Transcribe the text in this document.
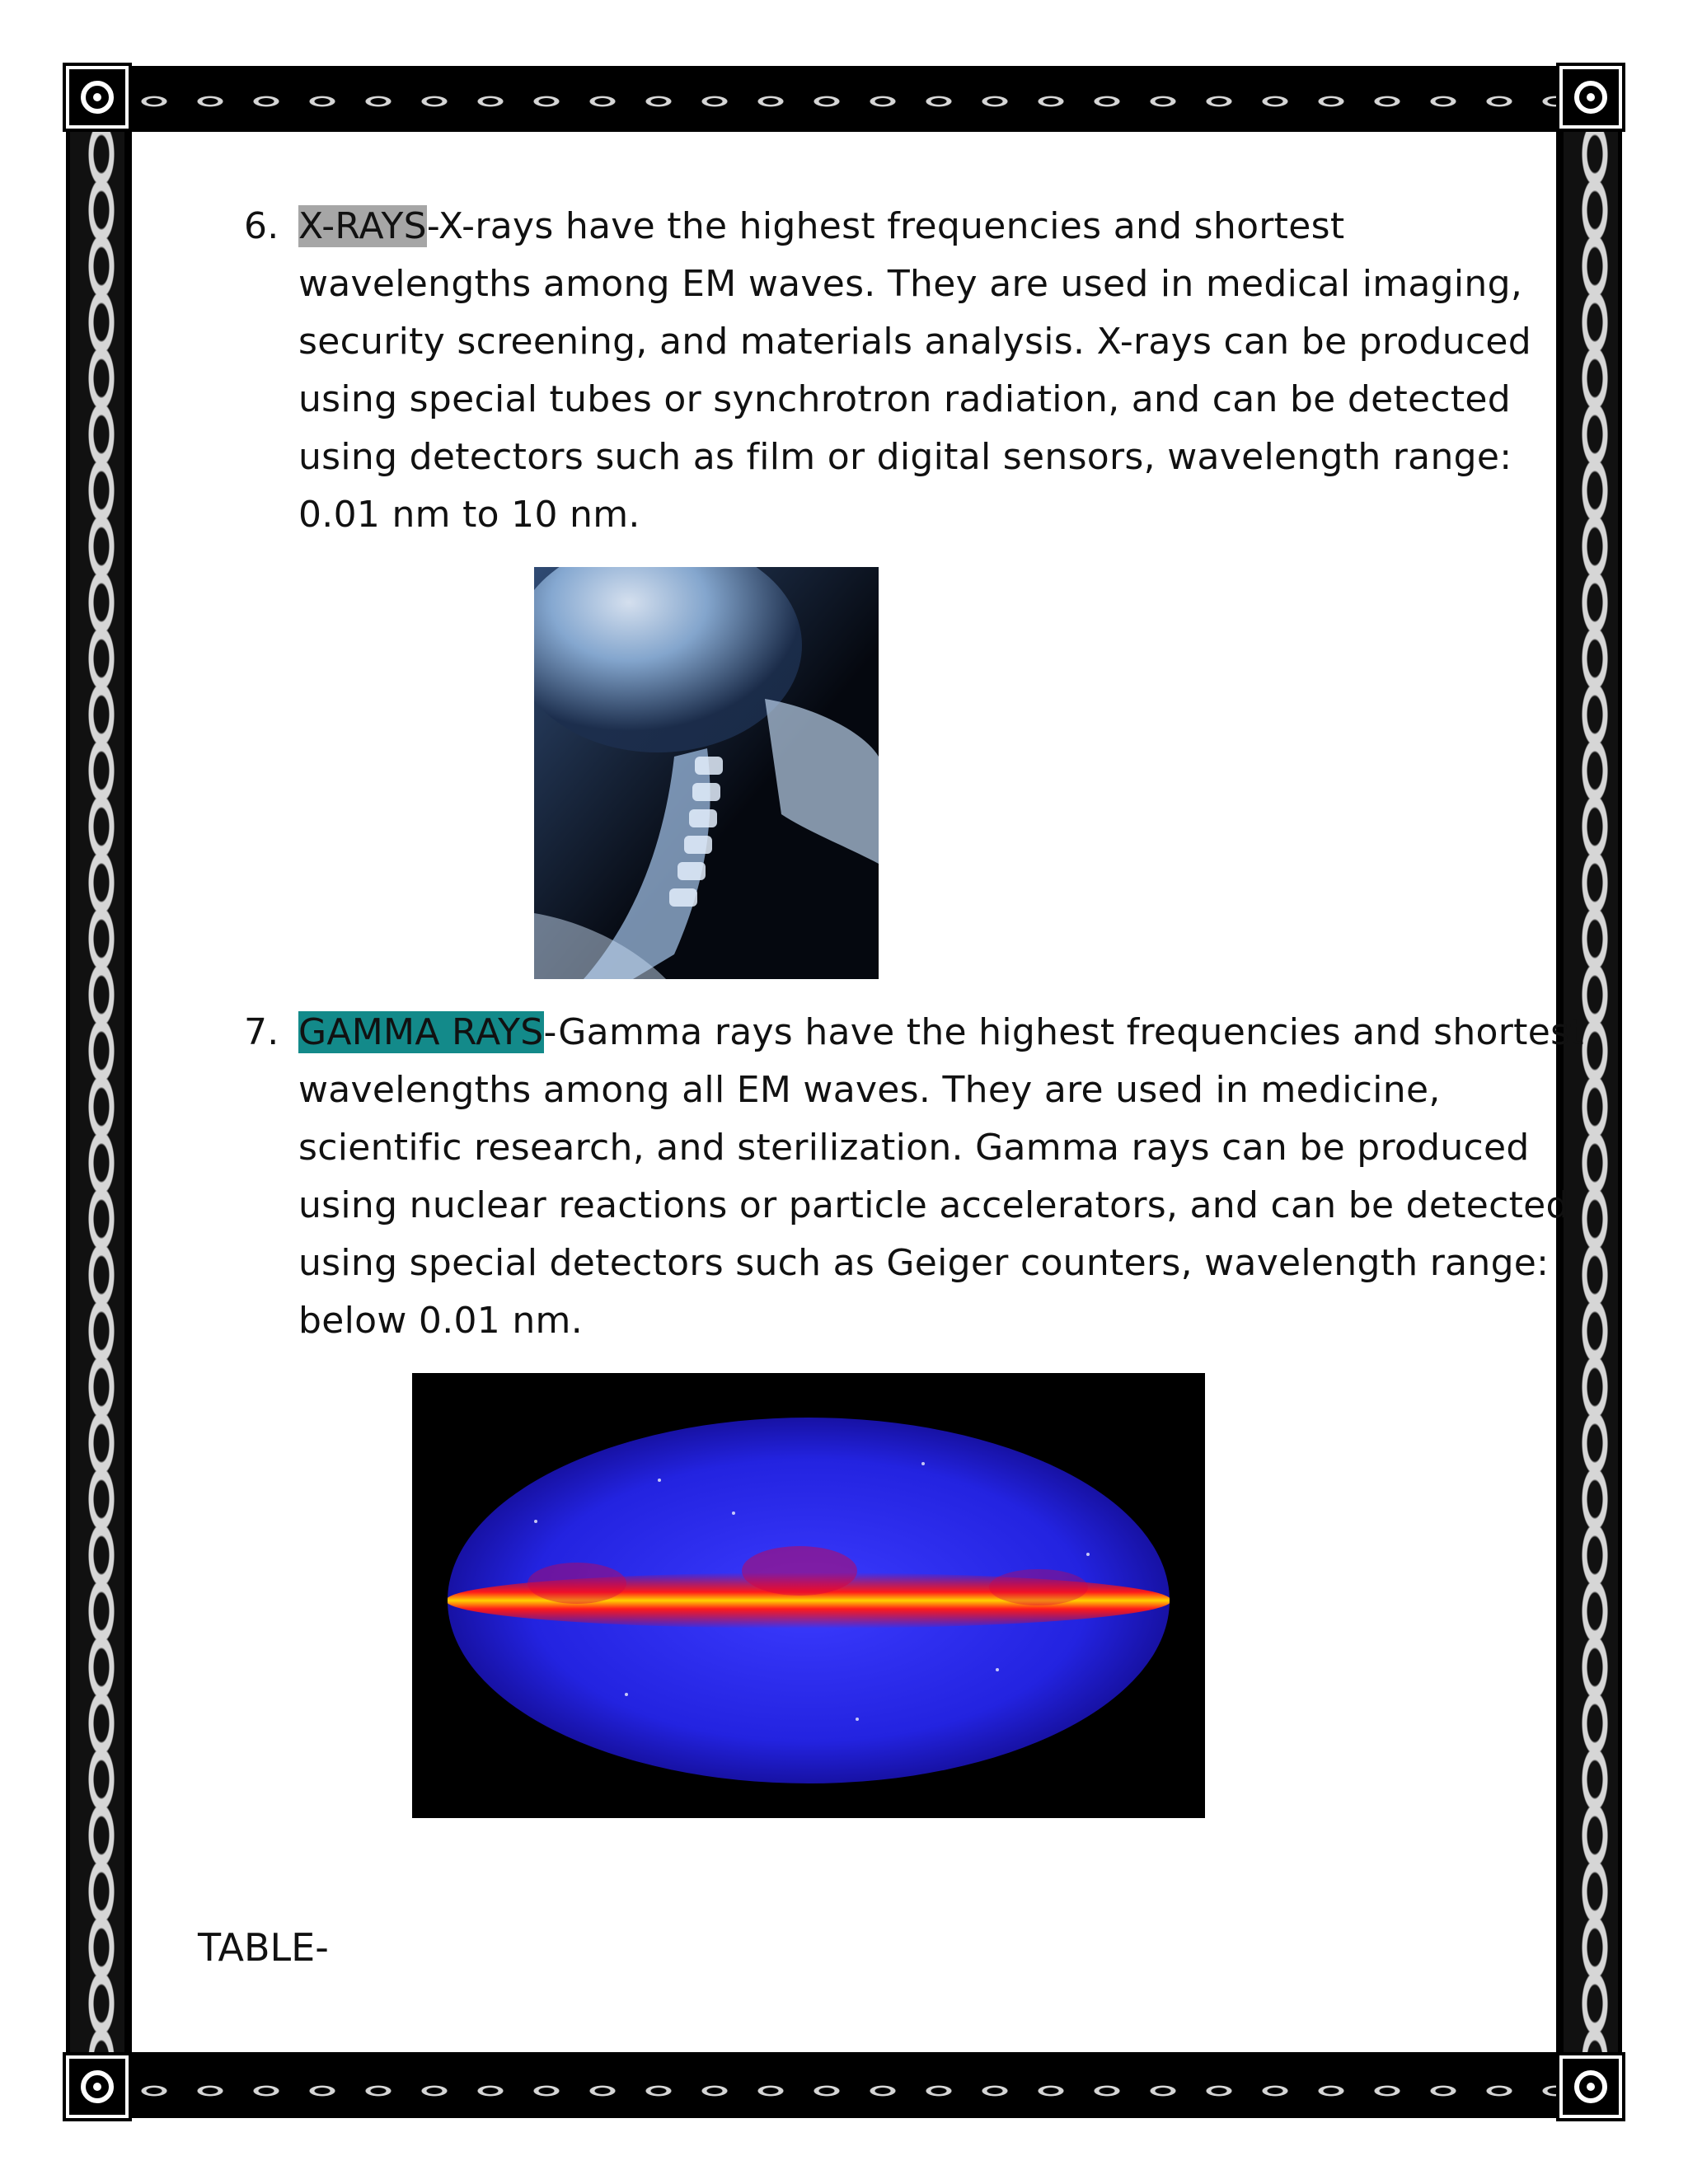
6. X-RAYS-X-rays have the highest frequencies and shortest wavelengths among EM waves. They are used in medical imaging, security screening, and materials analysis. X-rays can be produced using special tubes or synchrotron radiation, and can be detected using detectors such as film or digital sensors, wavelength range: 0.01 nm to 10 nm.
7. GAMMA RAYS-Gamma rays have the highest frequencies and shortest wavelengths among all EM waves. They are used in medicine, scientific research, and sterilization. Gamma rays can be produced using nuclear reactions or particle accelerators, and can be detected using special detectors such as Geiger counters, wavelength range: below 0.01 nm.
TABLE-
